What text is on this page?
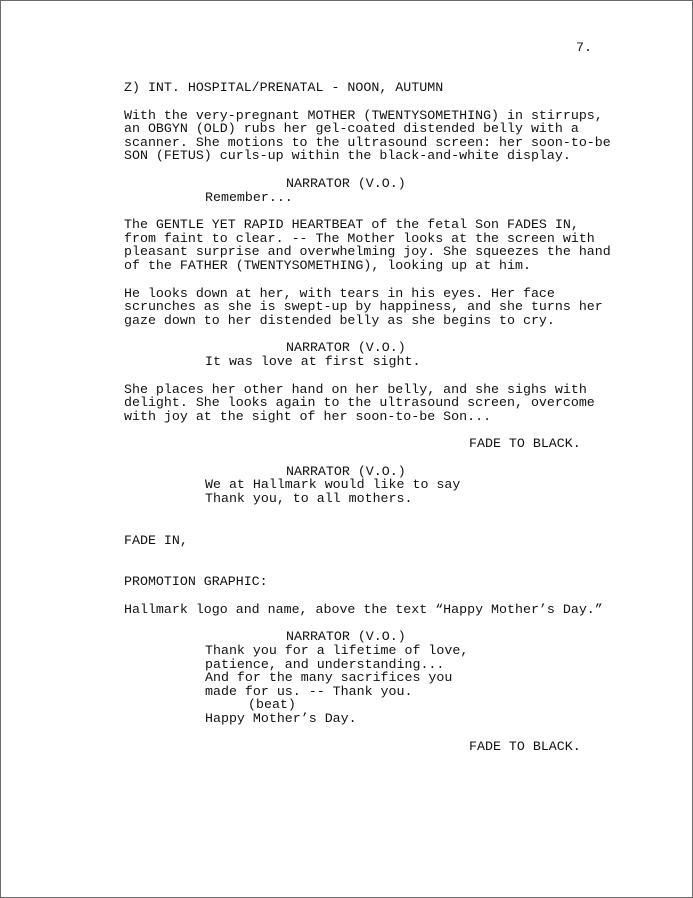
7.

Z) INT. HOSPITAL/PRENATAL - NOON, AUTUMN

With the very-pregnant MOTHER (TWENTYSOMETHING) in stirrups,
an OBGYN (OLD) rubs her gel-coated distended belly with a
scanner. She motions to the ultrasound screen: her soon-to-be
SON (FETUS) curls-up within the black-and-white display.

NARRATOR (V.O.)

Remember...

The GENTLE YET RAPID HEARTBEAT of the fetal Son FADES IN,
from faint to clear. -- The Mother looks at the screen with
pleasant surprise and overwhelming joy. She squeezes the hand
of the FATHER (TWENTYSOMETHING), looking up at him.

He looks down at her, with tears in his eyes. Her face
scrunches as she is swept-up by happiness, and she turns her
gaze down to her distended belly as she begins to cry.

NARRATOR (V.O.)

It was love at first sight.

She places her other hand on her belly, and she sighs with
delight. She looks again to the ultrasound screen, overcome
with joy at the sight of her soon-to-be Son...

FADE TO BLACK.

NARRATOR (V.O.)

We at Hallmark would like to say
Thank you, to all mothers.

FADE IN,

PROMOTION GRAPHIC:

Hallmark logo and name, above the text “Happy Mother’s Day.”

NARRATOR (V.O.)

Thank you for a lifetime of love,
patience, and understanding...
And for the many sacrifices you
made for us. -- Thank you.

(beat)

Happy Mother’s Day.

FADE TO BLACK.
